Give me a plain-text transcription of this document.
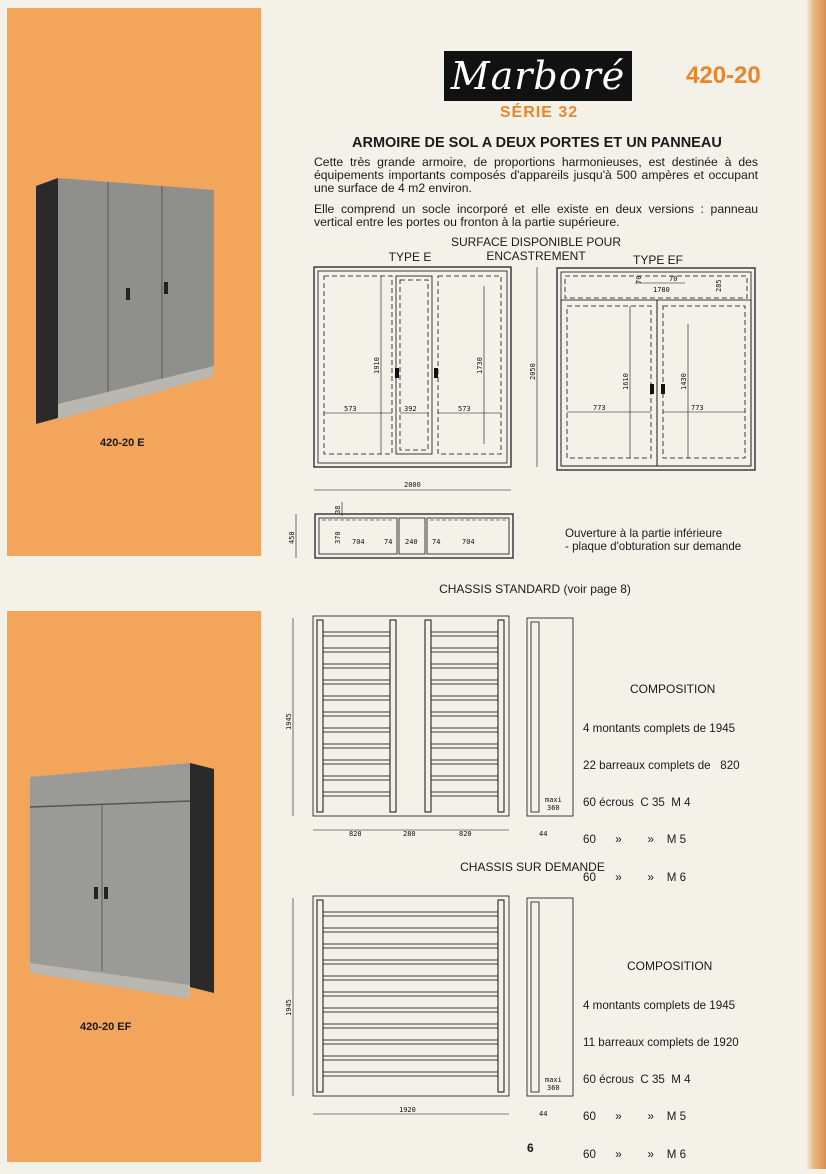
420-20 E
420-20 EF
Marboré
SÉRIE 32
420-20
ARMOIRE DE SOL A DEUX PORTES ET UN PANNEAU
Cette très grande armoire, de proportions harmonieuses, est destinée à des équipements importants composés d'appareils jusqu'à 500 ampères et occupant une surface de 4 m2 environ.
Elle comprend un socle incorporé et elle existe en deux versions : panneau vertical entre les portes ou fronton à la partie supérieure.
SURFACE DISPONIBLE POUR ENCASTREMENT
TYPE E	TYPE EF
1910	1730
573	392	573
2050
2000
70	70
1780	285
1610	1430
773	773
450
38
370 704	74 240 74	704
Ouverture à la partie inférieure
- plaque d'obturation sur demande
CHASSIS STANDARD (voir page 8)
1945
820	280	820
maxi
360
44
COMPOSITION

4 montants complets de 1945

22 barreaux complets de   820

60 écrous  C 35  M 4

60      »        »    M 5

60      »        »    M 6

CHASSIS SUR DEMANDE
1945
1920
maxi
360
44
COMPOSITION

4 montants complets de 1945

11 barreaux complets de 1920

60 écrous  C 35  M 4

60      »        »    M 5

60      »        »    M 6

6
